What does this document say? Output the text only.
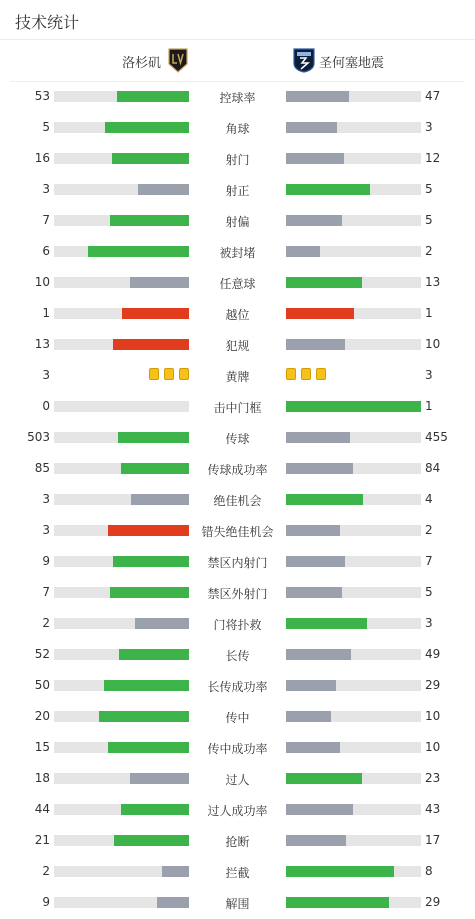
技术统计
洛杉矶	圣何塞地震
53	控球率	47
5	角球	3
16	射门	12
3	射正	5
7	射偏	5
6	被封堵	2
10	任意球	13
1	越位	1
13	犯规	10
3	黄牌	3
0	击中门框	1
503	传球	455
85	传球成功率	84
3	绝佳机会	4
3	错失绝佳机会	2
9	禁区内射门	7
7	禁区外射门	5
2	门将扑救	3
52	长传	49
50	长传成功率	29
20	传中	10
15	传中成功率	10
18	过人	23
44	过人成功率	43
21	抢断	17
2	拦截	8
9	解围	29
